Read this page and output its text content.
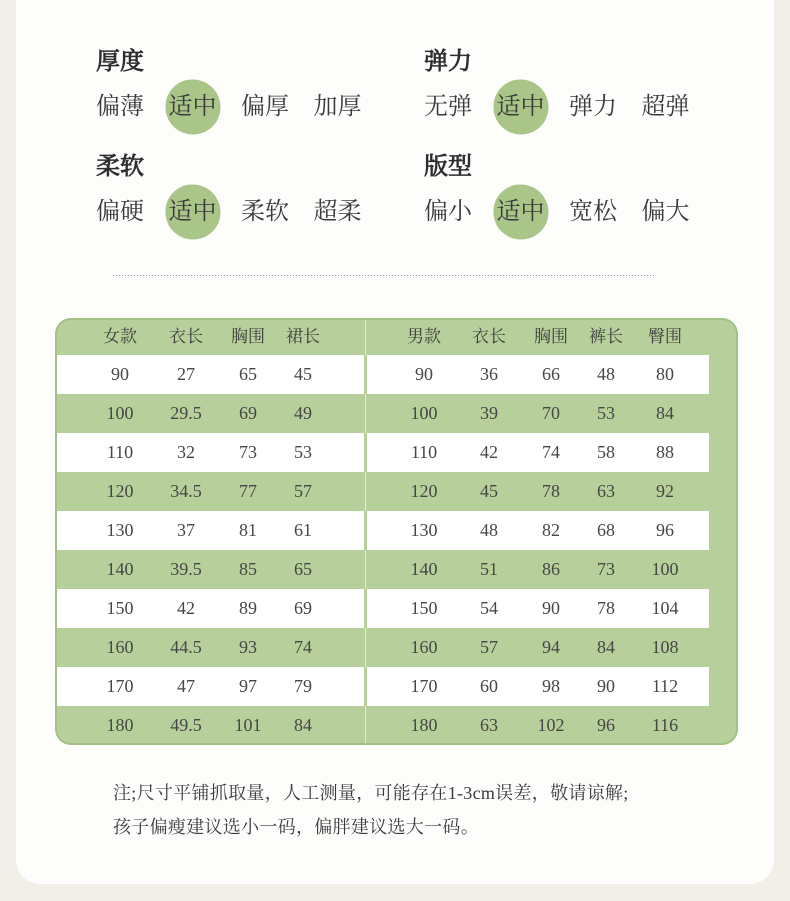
厚度
偏薄 适中 偏厚 加厚
弹力
无弹 适中 弹力 超弹
柔软
偏硬 适中 柔软 超柔
版型
偏小 适中 宽松 偏大
女款	衣长	胸围	裙长	男款	衣长	胸围	裤长	臀围
90	27	65	45	90	36	66	48	80
100	29.5	69	49	100	39	70	53	84
110	32	73	53	110	42	74	58	88
120	34.5	77	57	120	45	78	63	92
130	37	81	61	130	48	82	68	96
140	39.5	85	65	140	51	86	73	100
150	42	89	69	150	54	90	78	104
160	44.5	93	74	160	57	94	84	108
170	47	97	79	170	60	98	90	112
180	49.5	101	84	180	63	102	96	116
注;尺寸平铺抓取量，人工测量，可能存在1-3cm误差，敬请谅解;
孩子偏瘦建议选小一码，偏胖建议选大一码。
